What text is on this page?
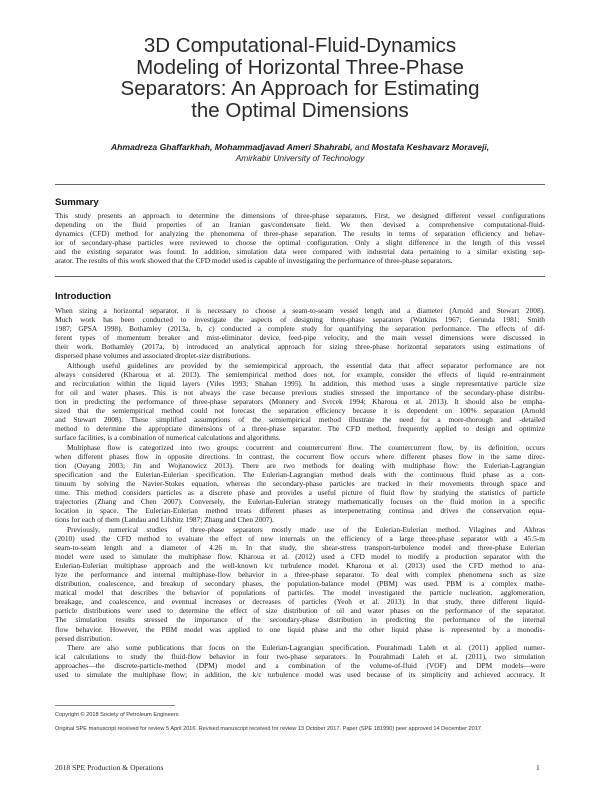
3D Computational-Fluid-Dynamics
Modeling of Horizontal Three-Phase
Separators: An Approach for Estimating
the Optimal Dimensions
Ahmadreza Ghaffarkhah, Mohammadjavad Ameri Shahrabi, and Mostafa Keshavarz Moraveji,
Amirkabir University of Technology
Summary
This study presents an approach to determine the dimensions of three-phase separators. First, we designed different vessel configurations
depending on the fluid properties of an Iranian gas/condensate field. We then devised a comprehensive computational-fluid-
dynamics (CFD) method for analyzing the phenomena of three-phase separation. The results in terms of separation efficiency and behav-
ior of secondary-phase particles were reviewed to choose the optimal configuration. Only a slight difference in the length of this vessel
and the existing separator was found. In addition, simulation data were compared with industrial data pertaining to a similar existing sep-
arator. The results of this work showed that the CFD model used is capable of investigating the performance of three-phase separators.
Introduction
When sizing a horizontal separator, it is necessary to choose a seam-to-seam vessel length and a diameter (Arnold and Stewart 2008).
Much work has been conducted to investigate the aspects of designing three-phase separators (Watkins 1967; Gerunda 1981; Smith
1987; GPSA 1998). Bothamley (2013a, b, c) conducted a complete study for quantifying the separation performance. The effects of dif-
ferent types of momentum breaker and mist-eliminator device, feed-pipe velocity, and the main vessel dimensions were discussed in
their work. Bothamley (2017a, b) introduced an analytical approach for sizing three-phase horizontal separators using estimations of
dispersed phase volumes and associated droplet-size distributions.
Although useful guidelines are provided by the semiempirical approach, the essential data that affect separator performance are not
always considered (Kharoua et al. 2013). The semiempirical method does not, for example, consider the effects of liquid re-entrainment
and recirculation within the liquid layers (Viles 1993; Shahan 1995). In addition, this method uses a single representative particle size
for oil and water phases. This is not always the case because previous studies stressed the importance of the secondary-phase distribu-
tion in predicting the performance of three-phase separators (Monnery and Svrcek 1994; Kharoua et al. 2013). It should also be empha-
sized that the semiempirical method could not forecast the separation efficiency because it is dependent on 100% separation (Arnold
and Stewart 2008). These simplified assumptions of the semiempirical method illustrate the need for a more-thorough and -detailed
method to determine the appropriate dimensions of a three-phase separator. The CFD method, frequently applied to design and optimize
surface facilities, is a combination of numerical calculations and algorithms.
Multiphase flow is categorized into two groups: cocurrent and countercurrent flow. The countercurrent flow, by its definition, occurs
when different phases flow in opposite directions. In contrast, the cocurrent flow occurs where different phases flow in the same direc-
tion (Ouyang 2003; Jin and Wojtanowicz 2013). There are two methods for dealing with multiphase flow: the Eulerian-Lagrangian
specification and the Eulerian-Eulerian specification. The Eulerian-Lagrangian method deals with the continuous fluid phase as a con-
tinuum by solving the Navier-Stokes equation, whereas the secondary-phase particles are tracked in their movements through space and
time. This method considers particles as a discrete phase and provides a useful picture of fluid flow by studying the statistics of particle
trajectories (Zhang and Chen 2007). Conversely, the Eulerian-Eulerian strategy mathematically focuses on the fluid motion in a specific
location in space. The Eulerian-Eulerian method treats different phases as interpenetrating continua and drives the conservation equa-
tions for each of them (Landau and Lifshitz 1987; Zhang and Chen 2007).
Previously, numerical studies of three-phase separators mostly made use of the Eulerian-Eulerian method. Vilagines and Akhras
(2010) used the CFD method to evaluate the effect of new internals on the efficiency of a large three-phase separator with a 45.5-m
seam-to-seam length and a diameter of 4.26 m. In that study, the shear-stress transport-turbulence model and three-phase Eulerian
model were used to simulate the multiphase flow. Kharoua et al. (2012) used a CFD model to modify a production separator with the
Eulerian-Eulerian multiphase approach and the well-known k/ε turbulence model. Kharoua et al. (2013) used the CFD method to ana-
lyze the performance and internal multiphase-flow behavior in a three-phase separator. To deal with complex phenomena such as size
distribution, coalescence, and breakup of secondary phases, the population-balance model (PBM) was used. PBM is a complex mathe-
matical model that describes the behavior of populations of particles. The model investigated the particle nucleation, agglomeration,
breakage, and coalescence, and eventual increases or decreases of particles (Yeoh et al. 2013). In that study, three different liquid-
particle distributions were used to determine the effect of size distribution of oil and water phases on the performance of the separator.
The simulation results stressed the importance of the secondary-phase distribution in predicting the performance of the internal
flow behavior. However, the PBM model was applied to one liquid phase and the other liquid phase is represented by a monodis-
persed distribution.
There are also some publications that focus on the Eulerian-Lagrangian specification. Pourahmadi Laleh et al. (2011) applied numer-
ical calculations to study the fluid-flow behavior in four two-phase separators. In Pourahmadi Laleh et al. (2011), two simulation
approaches—the discrete-particle-method (DPM) model and a combination of the volume-of-fluid (VOF) and DPM models—were
used to simulate the multiphase flow; in addition, the k/ε turbulence model was used because of its simplicity and achieved accuracy. It
Copyright © 2018 Society of Petroleum Engineers
Original SPE manuscript received for review 5 April 2016. Revised manuscript received for review 13 October 2017. Paper (SPE 181990) peer approved 14 December 2017.
2018 SPE Production & Operations	1
